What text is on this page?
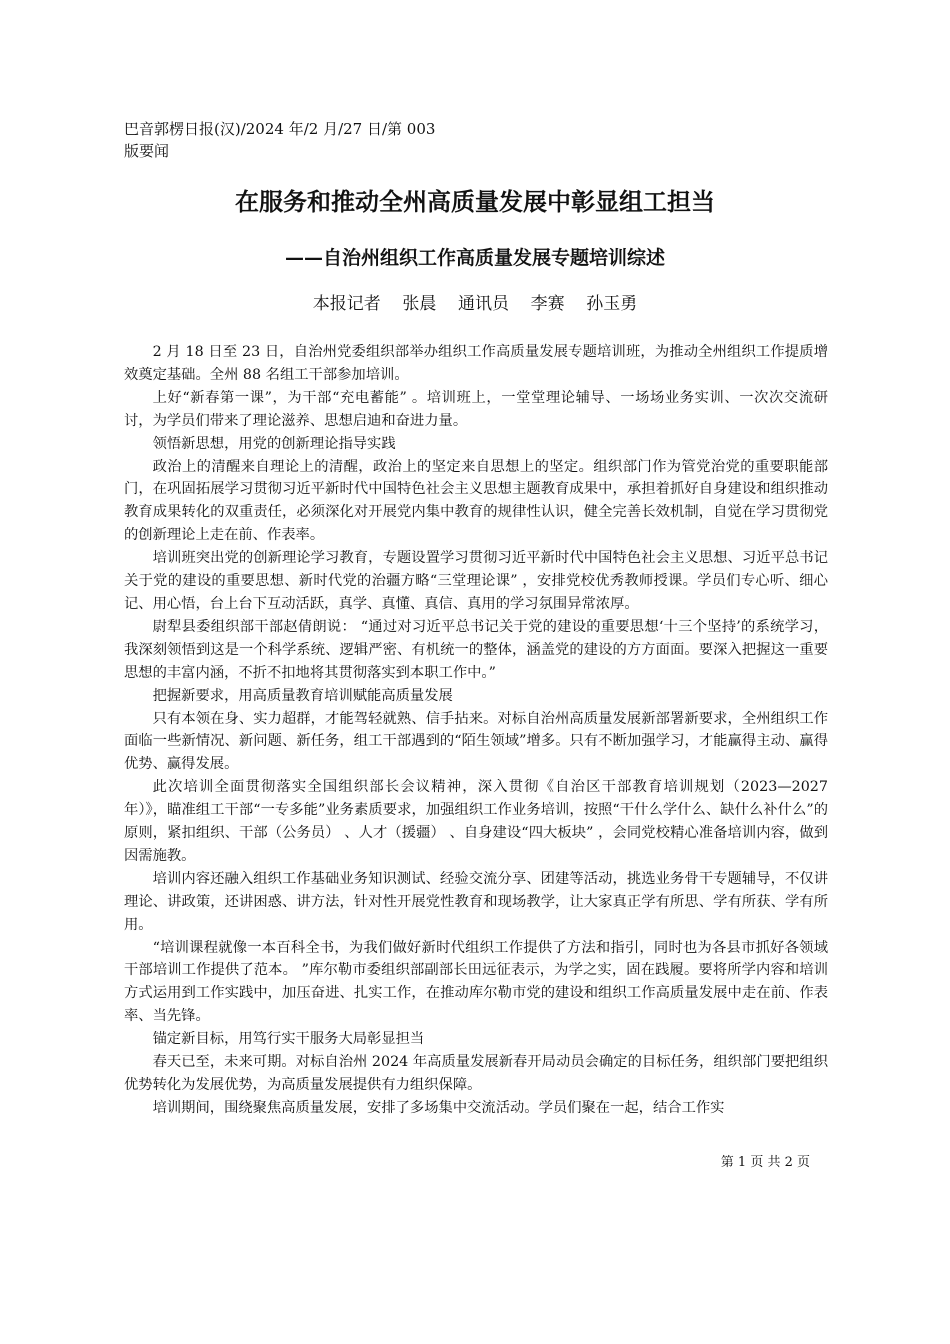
巴音郭楞日报(汉)/2024 年/2 月/27 日/第 003
版要闻
在服务和推动全州高质量发展中彰显组工担当
——自治州组织工作高质量发展专题培训综述
本报记者    张晨    通讯员    李赛    孙玉勇

2 月 18 日至 23 日，自治州党委组织部举办组织工作高质量发展专题培训班，为推动全州组织工作提质增效奠定基础。全州 88 名组工干部参加培训。

上好“新春第一课”，为干部“充电蓄能” 。培训班上，一堂堂理论辅导、一场场业务实训、一次次交流研讨，为学员们带来了理论滋养、思想启迪和奋进力量。

领悟新思想，用党的创新理论指导实践

政治上的清醒来自理论上的清醒，政治上的坚定来自思想上的坚定。组织部门作为管党治党的重要职能部门，在巩固拓展学习贯彻习近平新时代中国特色社会主义思想主题教育成果中，承担着抓好自身建设和组织推动教育成果转化的双重责任，必须深化对开展党内集中教育的规律性认识，健全完善长效机制，自觉在学习贯彻党的创新理论上走在前、作表率。

培训班突出党的创新理论学习教育，专题设置学习贯彻习近平新时代中国特色社会主义思想、习近平总书记关于党的建设的重要思想、新时代党的治疆方略“三堂理论课” ，安排党校优秀教师授课。学员们专心听、细心记、用心悟，台上台下互动活跃，真学、真懂、真信、真用的学习氛围异常浓厚。

尉犁县委组织部干部赵倩朗说： “通过对习近平总书记关于党的建设的重要思想‘十三个坚持’的系统学习，我深刻领悟到这是一个科学系统、逻辑严密、有机统一的整体，涵盖党的建设的方方面面。要深入把握这一重要思想的丰富内涵，不折不扣地将其贯彻落实到本职工作中。”

把握新要求，用高质量教育培训赋能高质量发展

只有本领在身、实力超群，才能驾轻就熟、信手拈来。对标自治州高质量发展新部署新要求，全州组织工作面临一些新情况、新问题、新任务，组工干部遇到的“陌生领域”增多。只有不断加强学习，才能赢得主动、赢得优势、赢得发展。

此次培训全面贯彻落实全国组织部长会议精神，深入贯彻《自治区干部教育培训规划（2023—2027 年）》，瞄准组工干部“一专多能”业务素质要求，加强组织工作业务培训，按照“干什么学什么、缺什么补什么”的原则，紧扣组织、干部（公务员） 、人才（援疆） 、自身建设“四大板块” ，会同党校精心准备培训内容，做到因需施教。

培训内容还融入组织工作基础业务知识测试、经验交流分享、团建等活动，挑选业务骨干专题辅导，不仅讲理论、讲政策，还讲困惑、讲方法，针对性开展党性教育和现场教学，让大家真正学有所思、学有所获、学有所用。

“培训课程就像一本百科全书，为我们做好新时代组织工作提供了方法和指引，同时也为各县市抓好各领域干部培训工作提供了范本。 ”库尔勒市委组织部副部长田远征表示，为学之实，固在践履。要将所学内容和培训方式运用到工作实践中，加压奋进、扎实工作，在推动库尔勒市党的建设和组织工作高质量发展中走在前、作表率、当先锋。

锚定新目标，用笃行实干服务大局彰显担当

春天已至，未来可期。对标自治州 2024 年高质量发展新春开局动员会确定的目标任务，组织部门要把组织优势转化为发展优势，为高质量发展提供有力组织保障。

培训期间，围绕聚焦高质量发展，安排了多场集中交流活动。学员们聚在一起，结合工作实

第 1 页 共 2 页
